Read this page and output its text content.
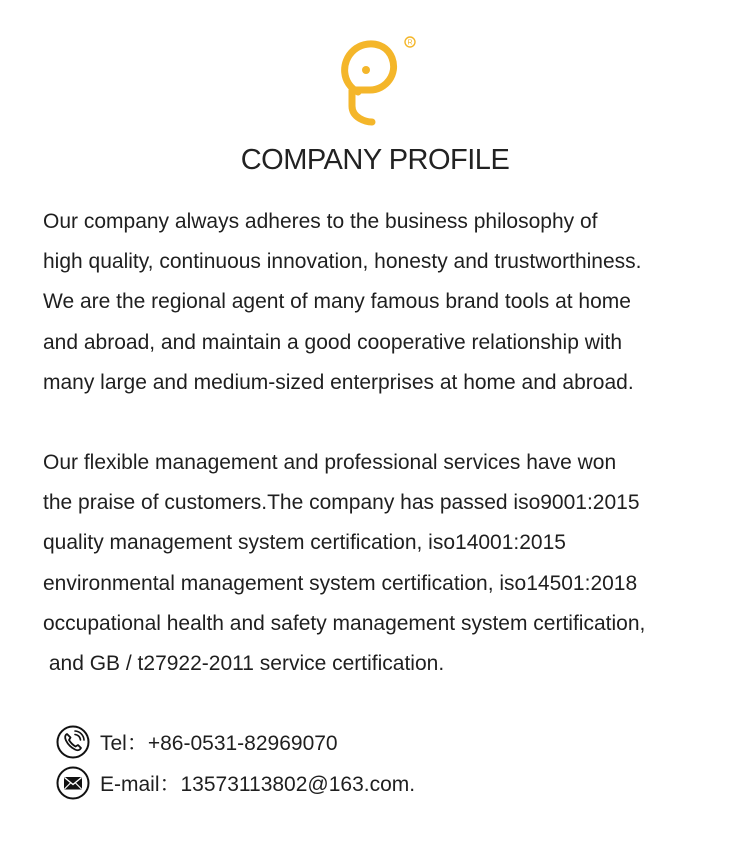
R
COMPANY PROFILE
Our company always adheres to the business philosophy of
high quality, continuous innovation, honesty and trustworthiness.
We are the regional agent of many famous brand tools at home
and abroad, and maintain a good cooperative relationship with
many large and medium-sized enterprises at home and abroad.
Our flexible management and professional services have won
the praise of customers.The company has passed iso9001:2015
quality management system certification, iso14001:2015
environmental management system certification, iso14501:2018
occupational health and safety management system certification,
and GB / t27922-2011 service certification.
Tel：+86-0531-82969070
E-mail：13573113802@163.com.
